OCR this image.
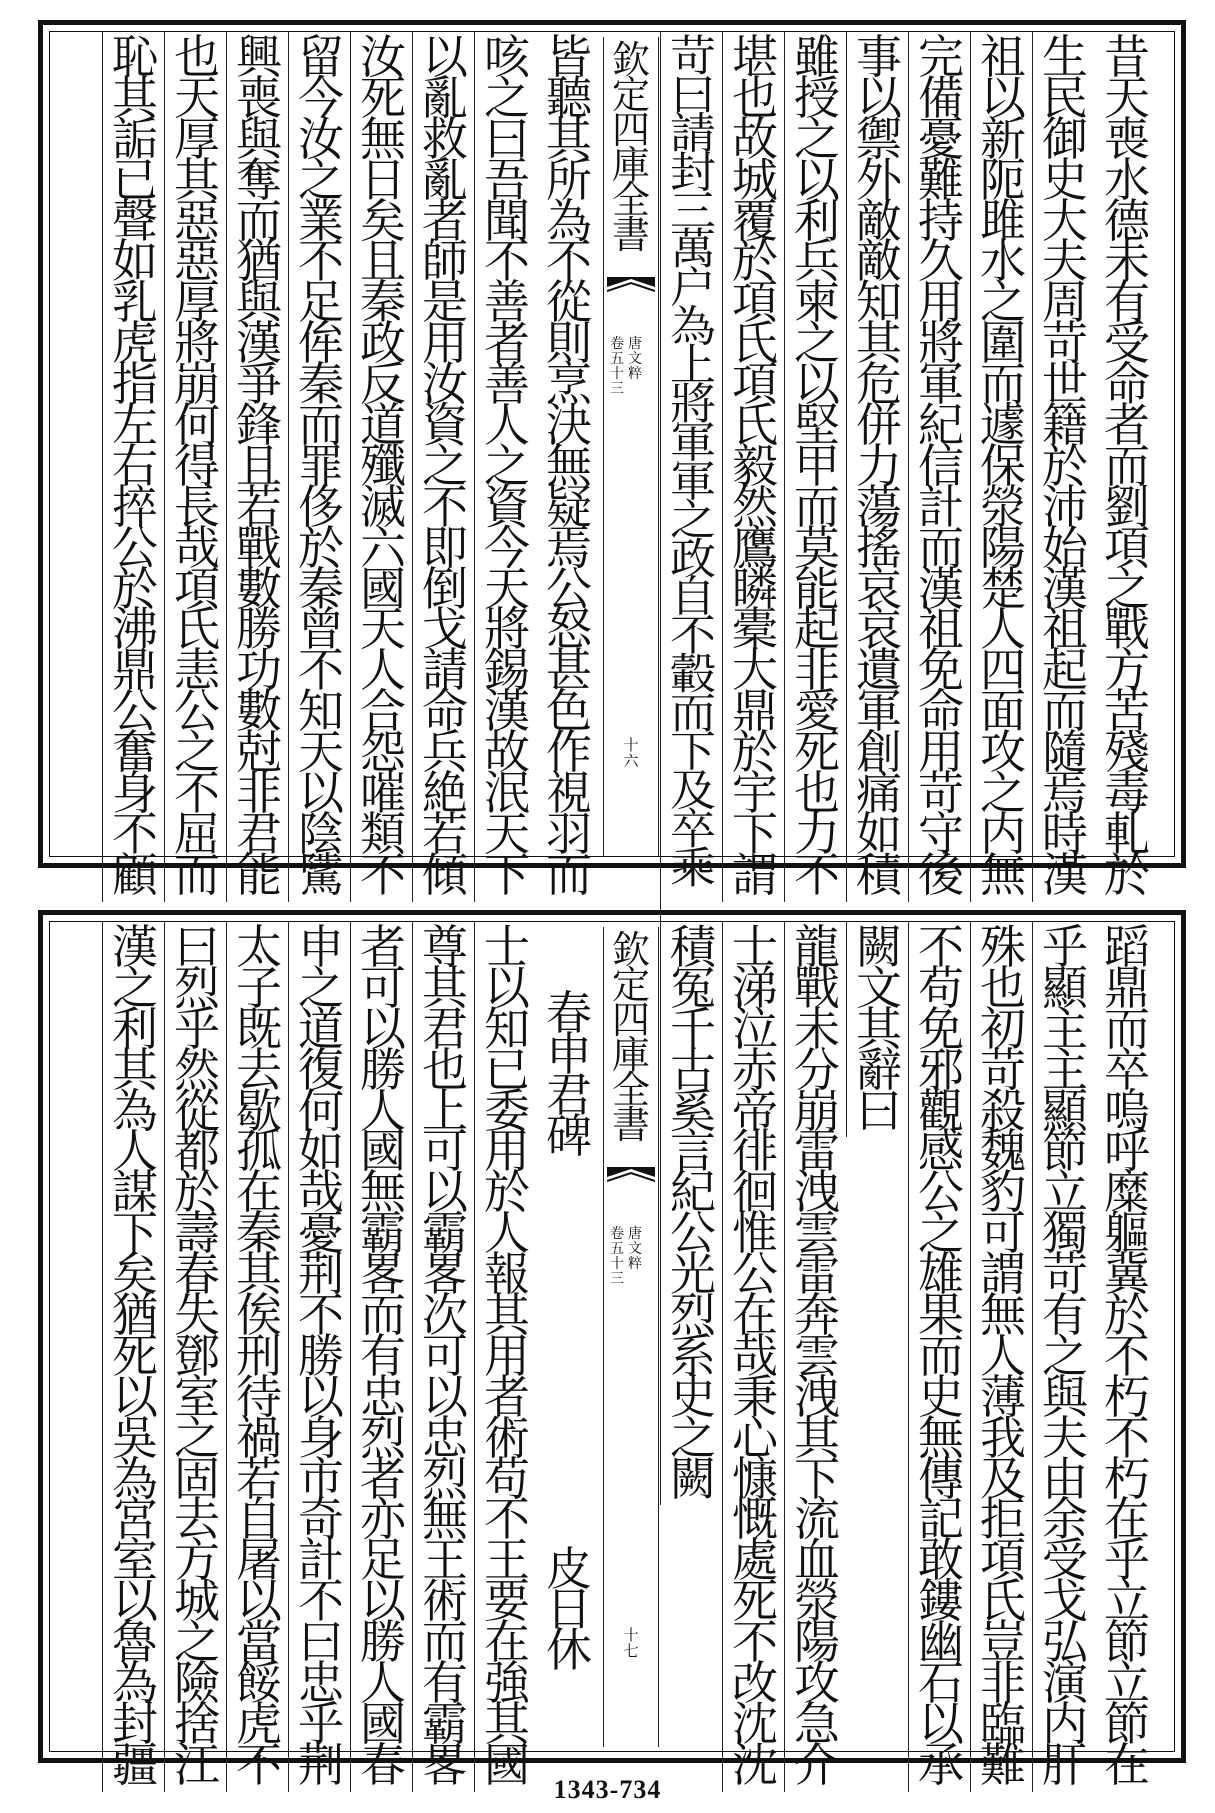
昔
天
喪
水
德
未
有
受
命
者
而
劉
項
之
戰
方
苦
殘
毒
軋
於
生
民
御
史
大
夫
周
苛
世
籍
於
沛
始
漢
祖
起
而
隨
焉
時
漢
祖
以
新
阨
雎
水
之
圍
而
遽
保
滎
陽
楚
人
四
面
攻
之
内
無
完
備
憂
難
持
久
用
將
軍
紀
信
計
而
漢
祖
免
命
用
苛
守
後
事
以
禦
外
敵
敵
知
其
危
併
力
蕩
搖
哀
哀
遺
軍
創
痛
如
積
雖
授
之
以
利
兵
柬
之
以
堅
甲
而
莫
能
起
非
愛
死
也
力
不
堪
也
故
城
覆
於
項
氏
項
氏
毅
然
鷹
瞵
橐
大
鼎
於
宇
下
謂
苛
曰
請
封
三
萬
户
為
上
將
軍
軍
之
政
自
不
轂
而
下
及
卒
乘
欽
定
四
庫
全
書
唐
文
粹
卷
五
十
三
十
六
皆
聽
其
所
為
不
從
則
烹
決
無
疑
焉
公
怒
甚
色
作
視
羽
而
咳
之
曰
吾
聞
不
善
者
善
人
之
資
今
天
將
錫
漢
故
泯
天
下
以
亂
救
亂
者
師
是
用
汝
資
之
不
即
倒
戈
請
命
兵
絶
若
傾
汝
死
無
日
矣
且
秦
政
反
道
殲
滅
六
國
天
人
合
怨
嗺
類
不
留
今
汝
之
業
不
足
侔
秦
而
罪
侈
於
秦
曾
不
知
天
以
陰
騭
興
喪
與
奪
而
猶
與
漢
爭
鋒
且
若
戰
數
勝
功
數
尅
非
君
能
也
天
厚
其
惡
惡
厚
將
崩
何
得
長
哉
項
氏
恚
公
之
不
屈
而
恥
其
詬
已
聲
如
乳
虎
指
左
右
捽
公
於
沸
鼎
公
奮
身
不
顧
蹈
鼎
而
卒
嗚
呼
糜
軀
冀
於
不
朽
不
朽
在
乎
立
節
立
節
在
乎
顯
主
主
顯
節
立
獨
苛
有
之
與
夫
由
余
受
戈
弘
演
内
肝
殊
也
初
苛
殺
魏
豹
可
謂
無
人
薄
我
及
拒
項
氏
豈
非
臨
難
不
苟
免
邪
觀
感
公
之
雄
果
而
史
無
傳
記
敢
鏤
幽
石
以
承
闕
文
其
辭
曰
龍
戰
未
分
崩
雷
洩
雲
雷
奔
雲
洩
其
下
流
血
滎
陽
攻
急
介
士
涕
泣
赤
帝
徘
徊
惟
公
在
哉
秉
心
慷
慨
處
死
不
改
沈
沈
積
冤
千
古
奚
言
紀
公
光
烈
系
史
之
闕
欽
定
四
庫
全
書
唐
文
粹
卷
五
十
三
十
七
春
申
君
碑
皮
日
休
士
以
知
已
委
用
於
人
報
其
用
者
術
苟
不
王
要
在
強
其
國
尊
其
君
也
上
可
以
霸
畧
次
可
以
忠
烈
無
王
術
而
有
霸
畧
者
可
以
勝
人
國
無
霸
畧
而
有
忠
烈
者
亦
足
以
勝
人
國
春
申
之
道
復
何
如
哉
憂
荆
不
勝
以
身
市
奇
計
不
曰
忠
乎
荆
太
子
既
去
歇
孤
在
秦
其
俟
刑
待
禍
若
自
屠
以
當
餒
虎
不
曰
烈
乎
然
從
都
於
壽
春
失
鄧
室
之
固
去
方
城
之
險
捨
江
漢
之
利
其
為
人
謀
下
矣
猶
死
以
吳
為
宮
室
以
魯
為
封
疆	1343-734
